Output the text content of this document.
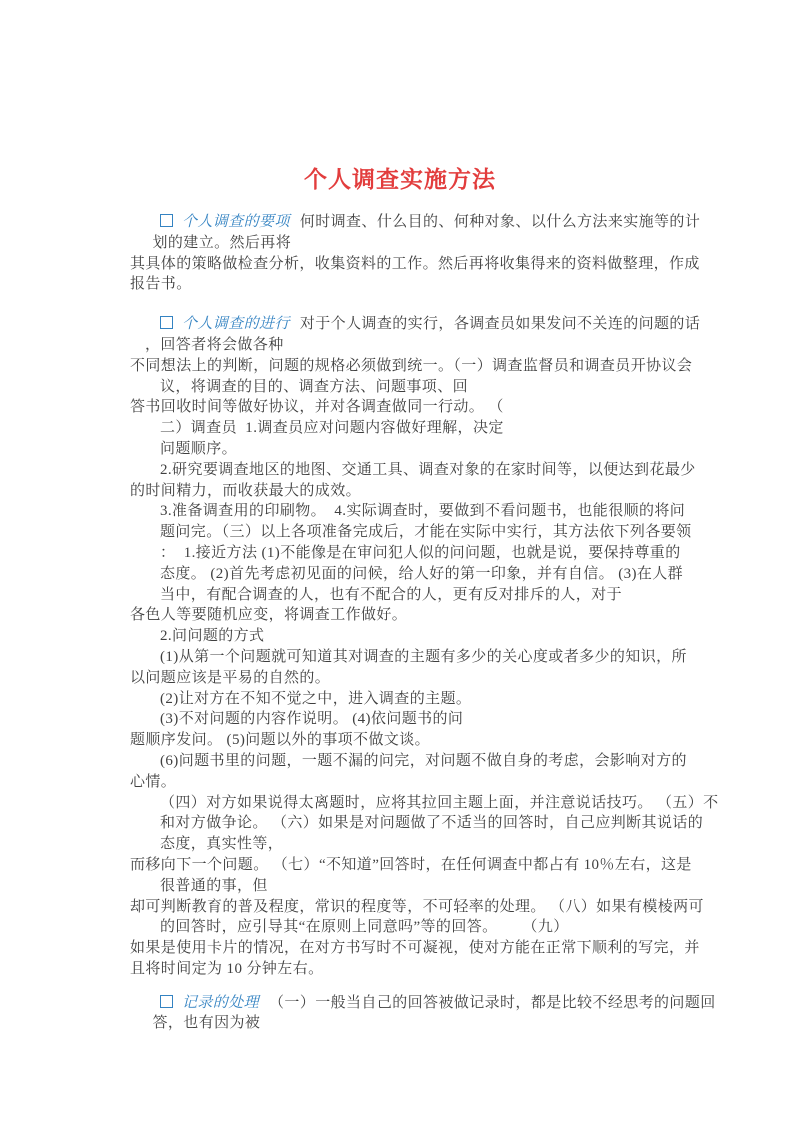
个人调查实施方法
个人调查的要项 何时调查、什么目的、何种对象、以什么方法来实施等的计
划的建立。然后再将
其具体的策略做检查分析，收集资料的工作。然后再将收集得来的资料做整理，作成
报告书。
个人调查的进行 对于个人调查的实行，各调查员如果发问不关连的问题的话
，回答者将会做各种
不同想法上的判断，问题的规格必须做到统一。（一）调查监督员和调查员开协议会
议，将调查的目的、调查方法、问题事项、回
答书回收时间等做好协议，并对各调查做同一行动。 （
二）调查员  1.调查员应对问题内容做好理解，决定
问题顺序。
2.研究要调查地区的地图、交通工具、调查对象的在家时间等，以便达到花最少
的时间精力，而收获最大的成效。
3.准备调查用的印刷物。  4.实际调查时，要做到不看问题书，也能很顺的将问
题问完。（三）以上各项准备完成后，才能在实际中实行，其方法依下列各要领
：  1.接近方法 (1)不能像是在审问犯人似的问问题，也就是说，要保持尊重的
态度。 (2)首先考虑初见面的问候，给人好的第一印象，并有自信。 (3)在人群
当中，有配合调查的人，也有不配合的人，更有反对排斥的人，对于
各色人等要随机应变，将调查工作做好。
2.问问题的方式
(1)从第一个问题就可知道其对调查的主题有多少的关心度或者多少的知识，所
以问题应该是平易的自然的。
(2)让对方在不知不觉之中，进入调查的主题。
(3)不对问题的内容作说明。 (4)依问题书的问
题顺序发问。 (5)问题以外的事项不做文谈。
(6)问题书里的问题，一题不漏的问完，对问题不做自身的考虑，会影响对方的
心情。
（四）对方如果说得太离题时，应将其拉回主题上面，并注意说话技巧。 （五）不
和对方做争论。 （六）如果是对问题做了不适当的回答时，自己应判断其说话的
态度，真实性等，
而移向下一个问题。 （七）“不知道”回答时，在任何调查中都占有 10％左右，这是
很普通的事，但
却可判断教育的普及程度，常识的程度等，不可轻率的处理。 （八）如果有模棱两可
的回答时，应引导其“在原则上同意吗”等的回答。      （九）
如果是使用卡片的情况，在对方书写时不可凝视，使对方能在正常下顺利的写完，并
且将时间定为 10 分钟左右。
记录的处理 （一）一般当自己的回答被做记录时，都是比较不经思考的问题回
答，也有因为被
